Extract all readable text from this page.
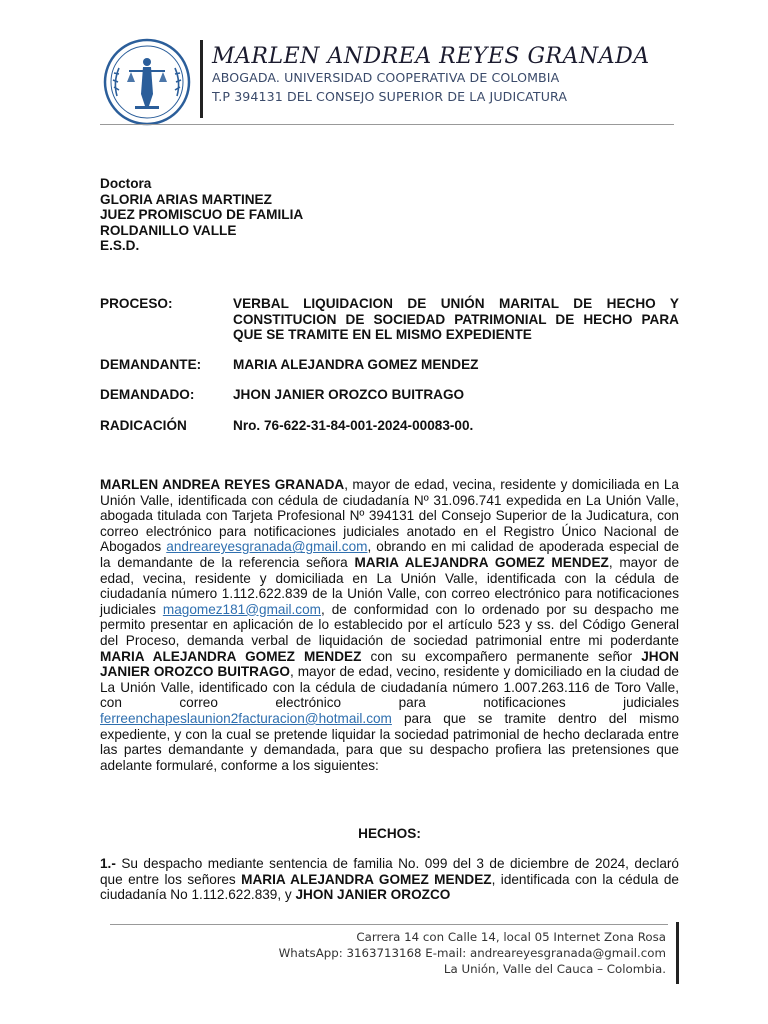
MARLEN ANDREA REYES GRANADA
ABOGADA. UNIVERSIDAD COOPERATIVA DE COLOMBIA
T.P 394131 DEL CONSEJO SUPERIOR DE LA JUDICATURA
Doctora
GLORIA ARIAS MARTINEZ
JUEZ PROMISCUO DE FAMILIA
ROLDANILLO VALLE
E.S.D.
PROCESO:	VERBAL LIQUIDACION DE UNIÓN MARITAL DE HECHO Y CONSTITUCION DE SOCIEDAD PATRIMONIAL DE HECHO PARA QUE SE TRAMITE EN EL MISMO EXPEDIENTE
DEMANDANTE: MARIA ALEJANDRA GOMEZ MENDEZ
DEMANDADO:	JHON JANIER OROZCO BUITRAGO
RADICACIÓN	Nro. 76-622-31-84-001-2024-00083-00.
MARLEN ANDREA REYES GRANADA, mayor de edad, vecina, residente y domiciliada en La Unión Valle, identificada con cédula de ciudadanía Nº 31.096.741 expedida en La Unión Valle, abogada titulada con Tarjeta Profesional Nº 394131 del Consejo Superior de la Judicatura, con correo electrónico para notificaciones judiciales anotado en el Registro Único Nacional de Abogados andreareyesgranada@gmail.com, obrando en mi calidad de apoderada especial de la demandante de la referencia señora MARIA ALEJANDRA GOMEZ MENDEZ, mayor de edad, vecina, residente y domiciliada en La Unión Valle, identificada con la cédula de ciudadanía número 1.112.622.839 de la Unión Valle, con correo electrónico para notificaciones judiciales magomez181@gmail.com, de conformidad con lo ordenado por su despacho me permito presentar en aplicación de lo establecido por el artículo 523 y ss. del Código General del Proceso, demanda verbal de liquidación de sociedad patrimonial entre mi poderdante MARIA ALEJANDRA GOMEZ MENDEZ con su excompañero permanente señor JHON JANIER OROZCO BUITRAGO, mayor de edad, vecino, residente y domiciliado en la ciudad de La Unión Valle, identificado con la cédula de ciudadanía número 1.007.263.116 de Toro Valle, con correo electrónico para notificaciones judiciales ferreenchapeslaunion2facturacion@hotmail.com para que se tramite dentro del mismo expediente, y con la cual se pretende liquidar la sociedad patrimonial de hecho declarada entre las partes demandante y demandada, para que su despacho profiera las pretensiones que adelante formularé, conforme a los siguientes:
HECHOS:
1.- Su despacho mediante sentencia de familia No. 099 del 3 de diciembre de 2024, declaró que entre los señores MARIA ALEJANDRA GOMEZ MENDEZ, identificada con la cédula de ciudadanía No 1.112.622.839, y JHON JANIER OROZCO
Carrera 14 con Calle 14, local 05 Internet Zona Rosa
WhatsApp: 3163713168 E-mail: andreareyesgranada@gmail.com
La Unión, Valle del Cauca – Colombia.
